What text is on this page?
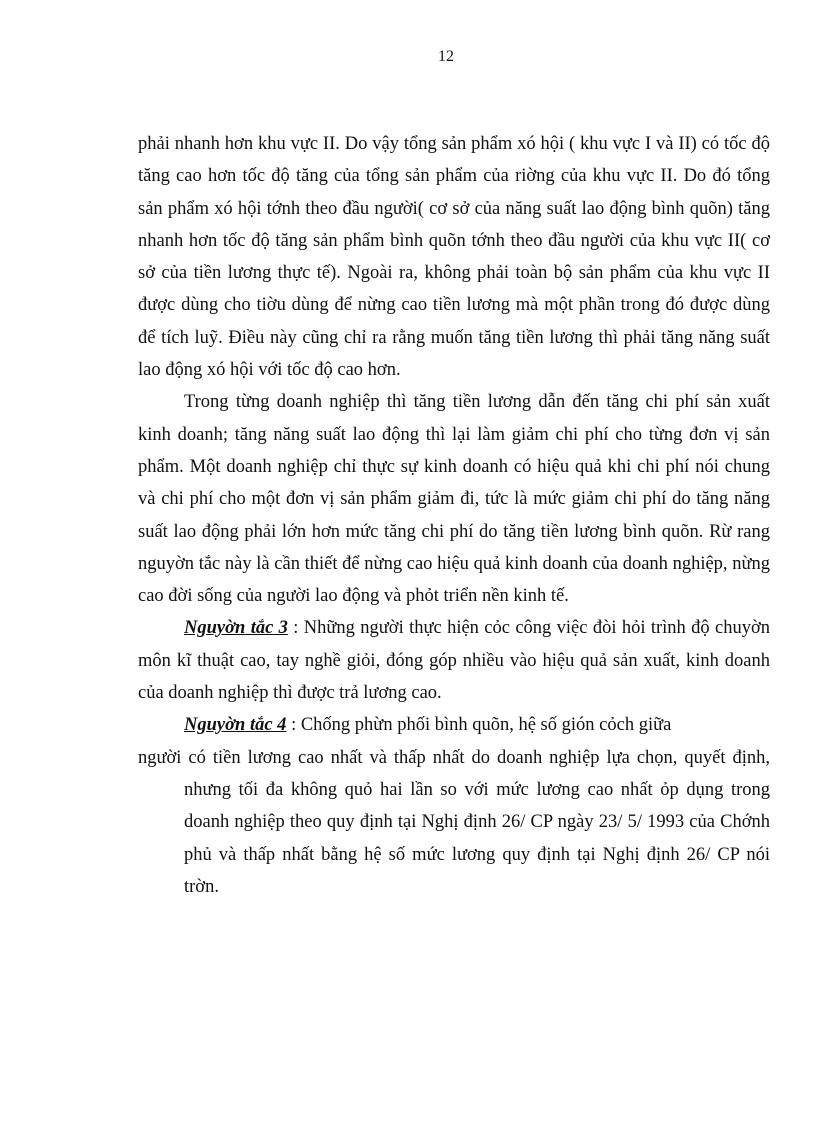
12

phải nhanh hơn khu vực II. Do vậy tổng sản phẩm xó hội ( khu vực I và II) có tốc độ tăng cao hơn tốc độ tăng của tổng sản phẩm của riờng của khu vực II. Do đó tổng sản phẩm xó hội tớnh theo đầu người( cơ sở của năng suất lao động bình quõn) tăng nhanh hơn tốc độ tăng sản phẩm bình quõn tớnh theo đầu người của khu vực II( cơ sở của tiền lương thực tế). Ngoài ra, không phải toàn bộ sản phẩm của khu vực II được dùng cho tiờu dùng để nừng cao tiền lương mà một phần trong đó được dùng để tích luỹ. Điều này cũng chỉ ra rằng muốn tăng tiền lương thì phải tăng năng suất lao động xó hội với tốc độ cao hơn.

Trong từng doanh nghiệp thì tăng tiền lương dẫn đến tăng chi phí sản xuất kinh doanh; tăng năng suất lao động thì lại làm giảm chi phí cho từng đơn vị sản phẩm. Một doanh nghiệp chỉ thực sự kinh doanh có hiệu quả khi chi phí nói chung và chi phí cho một đơn vị sản phẩm giảm đi, tức là mức giảm chi phí do tăng năng suất lao động phải lớn hơn mức tăng chi phí do tăng tiền lương bình quõn. Rừ rang nguyờn tắc này là cần thiết để nừng cao hiệu quả kinh doanh của doanh nghiệp, nừng cao đời sống của người lao động và phỏt triển nền kinh tế.

Nguyờn tắc 3 : Những người thực hiện cỏc công việc đòi hỏi trình độ chuyờn môn kĩ thuật cao, tay nghề giỏi, đóng góp nhiều vào hiệu quả sản xuất, kinh doanh của doanh nghiệp thì được trả lương cao.

Nguyờn tắc 4 : Chống phừn phối bình quõn, hệ số gión cỏch giữa

người có tiền lương cao nhất và thấp nhất do doanh nghiệp lựa chọn, quyết định, nhưng tối đa không quỏ hai lần so với mức lương cao nhất ỏp dụng trong doanh nghiệp theo quy định tại Nghị định 26/ CP ngày 23/ 5/ 1993 của Chớnh phủ và thấp nhất bằng hệ số mức lương quy định tại Nghị định 26/ CP nói trờn.
